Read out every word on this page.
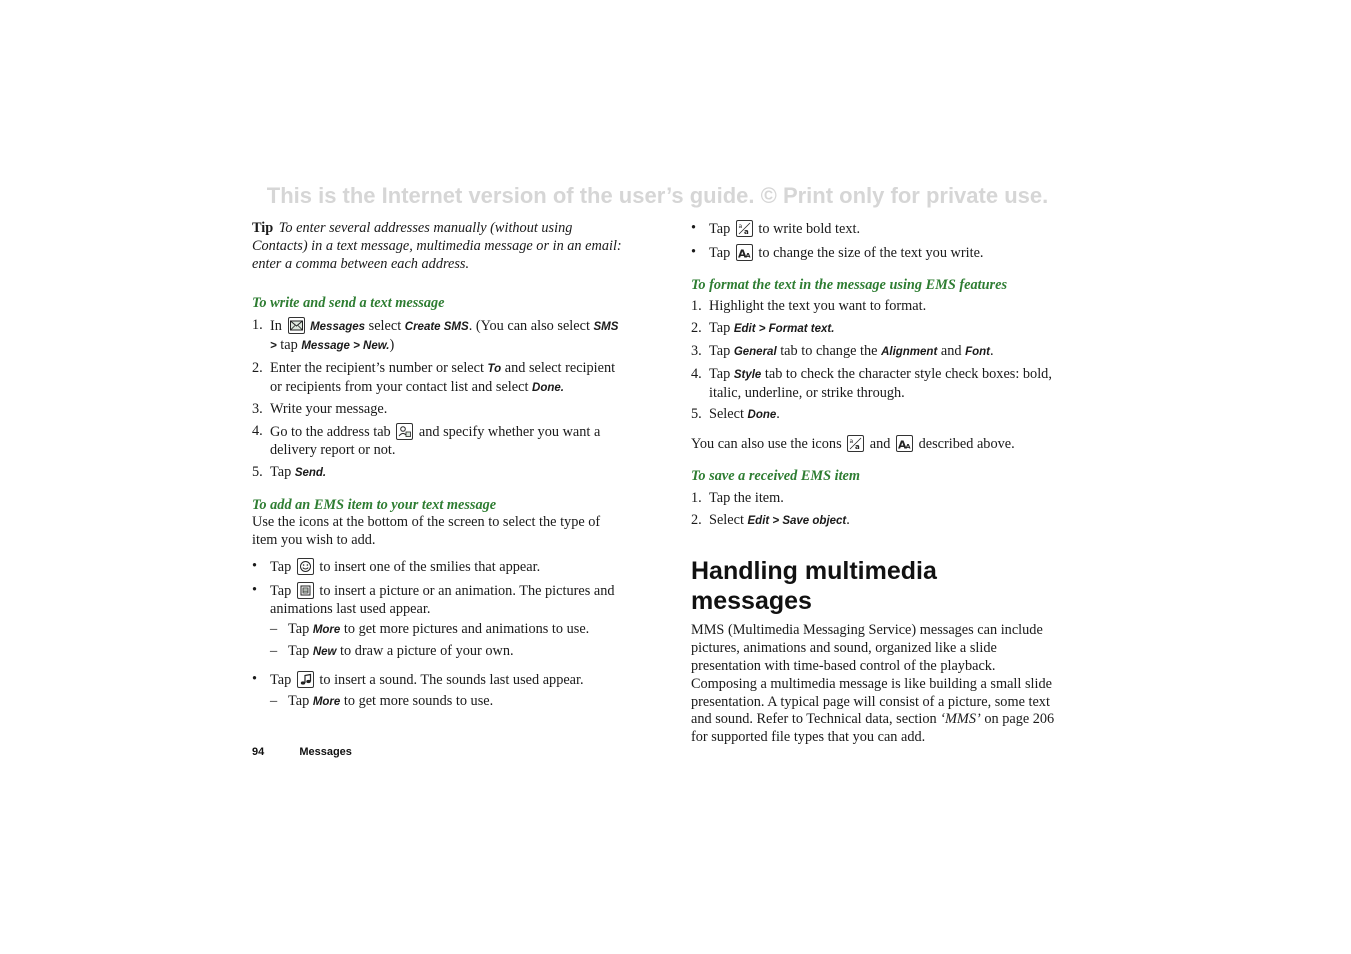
This is the Internet version of the user’s guide. © Print only for private use.
Tip To enter several addresses manually (without using Contacts) in a text message, multimedia message or in an email: enter a comma between each address.
To write and send a text message
1. In Messages select Create SMS. (You can also select SMS > tap Message > New.)
2. Enter the recipient’s number or select To and select recipient or recipients from your contact list and select Done.
3. Write your message.
4. Go to the address tab and specify whether you want a delivery report or not.
5. Tap Send.
To add an EMS item to your text message

Use the icons at the bottom of the screen to select the type of item you wish to add.

• Tap to insert one of the smilies that appear.
• Tap to insert a picture or an animation. The pictures and animations last used appear.
– Tap More to get more pictures and animations to use.
– Tap New to draw a picture of your own.
• Tap to insert a sound. The sounds last used appear.
– Tap More to get more sounds to use.
• Tap a
a to write bold text.
• Tap A
A to change the size of the text you write.
To format the text in the message using EMS features
1. Highlight the text you want to format.
2. Tap Edit > Format text.
3. Tap General tab to change the Alignment and Font.
4. Tap Style tab to check the character style check boxes: bold, italic, underline, or strike through.
5. Select Done.

You can also use the icons a
a and A
A described above.

To save a received EMS item
1. Tap the item.
2. Select Edit > Save object.
Handling multimedia messages

MMS (Multimedia Messaging Service) messages can include pictures, animations and sound, organized like a slide presentation with time-based control of the playback. Composing a multimedia message is like building a small slide presentation. A typical page will consist of a picture, some text and sound. Refer to Technical data, section ‘MMS’ on page 206 for supported file types that you can add.

94	Messages
